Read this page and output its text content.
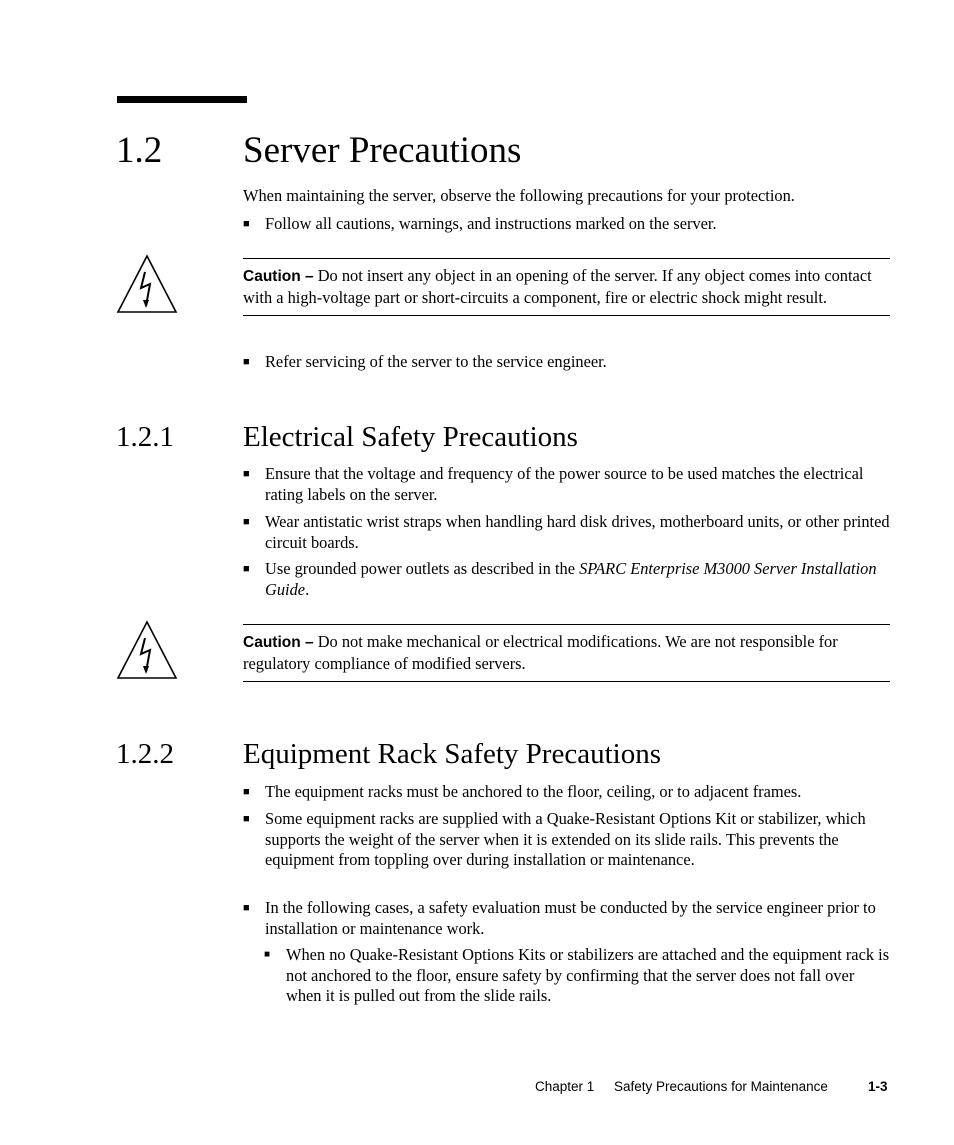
1.2 Server Precautions
When maintaining the server, observe the following precautions for your protection.
■ Follow all cautions, warnings, and instructions marked on the server.
Caution – Do not insert any object in an opening of the server. If any object comes into contact with a high-voltage part or short-circuits a component, fire or electric shock might result.
■ Refer servicing of the server to the service engineer.
1.2.1 Electrical Safety Precautions
■ Ensure that the voltage and frequency of the power source to be used matches the electrical rating labels on the server.
■ Wear antistatic wrist straps when handling hard disk drives, motherboard units, or other printed circuit boards.
■ Use grounded power outlets as described in the SPARC Enterprise M3000 Server Installation Guide.
Caution – Do not make mechanical or electrical modifications. We are not responsible for regulatory compliance of modified servers.
1.2.2 Equipment Rack Safety Precautions
■ The equipment racks must be anchored to the floor, ceiling, or to adjacent frames.
■ Some equipment racks are supplied with a Quake-Resistant Options Kit or stabilizer, which supports the weight of the server when it is extended on its slide rails. This prevents the equipment from toppling over during installation or maintenance.
■ In the following cases, a safety evaluation must be conducted by the service engineer prior to installation or maintenance work.
■ When no Quake-Resistant Options Kits or stabilizers are attached and the equipment rack is not anchored to the floor, ensure safety by confirming that the server does not fall over when it is pulled out from the slide rails.
Chapter 1 Safety Precautions for Maintenance	1-3
